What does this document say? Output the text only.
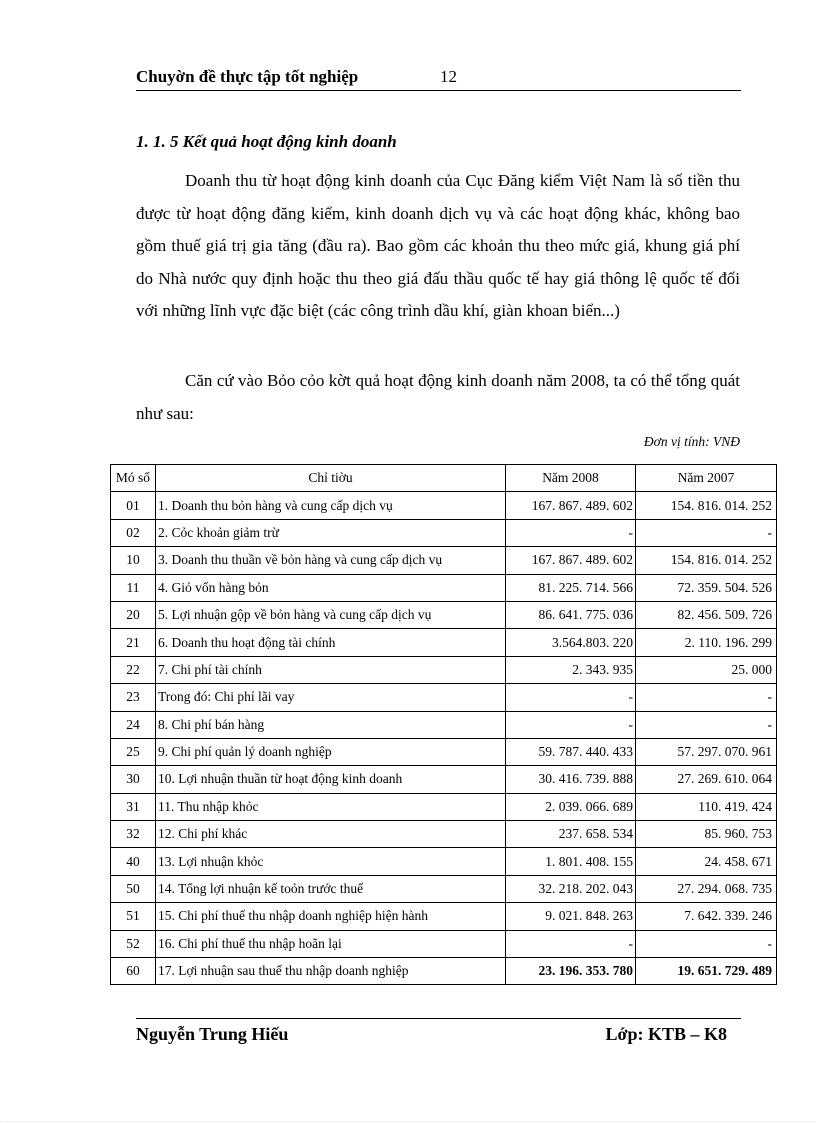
Chuyờn đề thực tập tốt nghiệp	12
1. 1. 5 Kết quả hoạt động kinh doanh

Doanh thu từ hoạt động kinh doanh của Cục Đăng kiểm Việt Nam là số tiền thu được từ hoạt động đăng kiểm, kinh doanh dịch vụ và các hoạt động khác, không bao gồm thuế giá trị gia tăng (đầu ra). Bao gồm các khoản thu theo mức giá, khung giá phí do Nhà nước quy định hoặc thu theo giá đấu thầu quốc tế hay giá thông lệ quốc tế đối với những lĩnh vực đặc biệt (các công trình dầu khí, giàn khoan biển...)

Căn cứ vào Bỏo cỏo kờt quả hoạt động kinh doanh năm 2008, ta có thể tổng quát như sau:

Đơn vị tính: VNĐ
Mó số	Chỉ tiờu	Năm 2008	Năm 2007
01	1. Doanh thu bỏn hàng và cung cấp dịch vụ	167. 867. 489. 602	154. 816. 014. 252
02	2. Cỏc khoản giảm trừ	-	-
10	3. Doanh thu thuần về bỏn hàng và cung cấp dịch vụ	167. 867. 489. 602	154. 816. 014. 252
11	4. Giỏ vốn hàng bỏn	81. 225. 714. 566	72. 359. 504. 526
20	5. Lợi nhuận gộp về bỏn hàng và cung cấp dịch vụ	86. 641. 775. 036	82. 456. 509. 726
21	6. Doanh thu hoạt động tài chính	3.564.803. 220	2. 110. 196. 299
22	7. Chi phí tài chính	2. 343. 935	25. 000
23	Trong đó: Chi phí lãi vay	-	-
24	8. Chi phí bán hàng	-	-
25	9. Chi phí quản lý doanh nghiệp	59. 787. 440. 433	57. 297. 070. 961
30	10. Lợi nhuận thuần từ hoạt động kinh doanh	30. 416. 739. 888	27. 269. 610. 064
31	11. Thu nhập khỏc	2. 039. 066. 689	110. 419. 424
32	12. Chi phí khác	237. 658. 534	85. 960. 753
40	13. Lợi nhuận khỏc	1. 801. 408. 155	24. 458. 671
50	14. Tổng lợi nhuận kế toỏn trước thuế	32. 218. 202. 043	27. 294. 068. 735
51	15. Chi phí thuế thu nhập doanh nghiệp hiện hành	9. 021. 848. 263	7. 642. 339. 246
52	16. Chi phí thuế thu nhập hoãn lại	-	-
60	17. Lợi nhuận sau thuế thu nhập doanh nghiệp	23. 196. 353. 780	19. 651. 729. 489
Nguyễn Trung Hiếu	Lớp: KTB – K8
